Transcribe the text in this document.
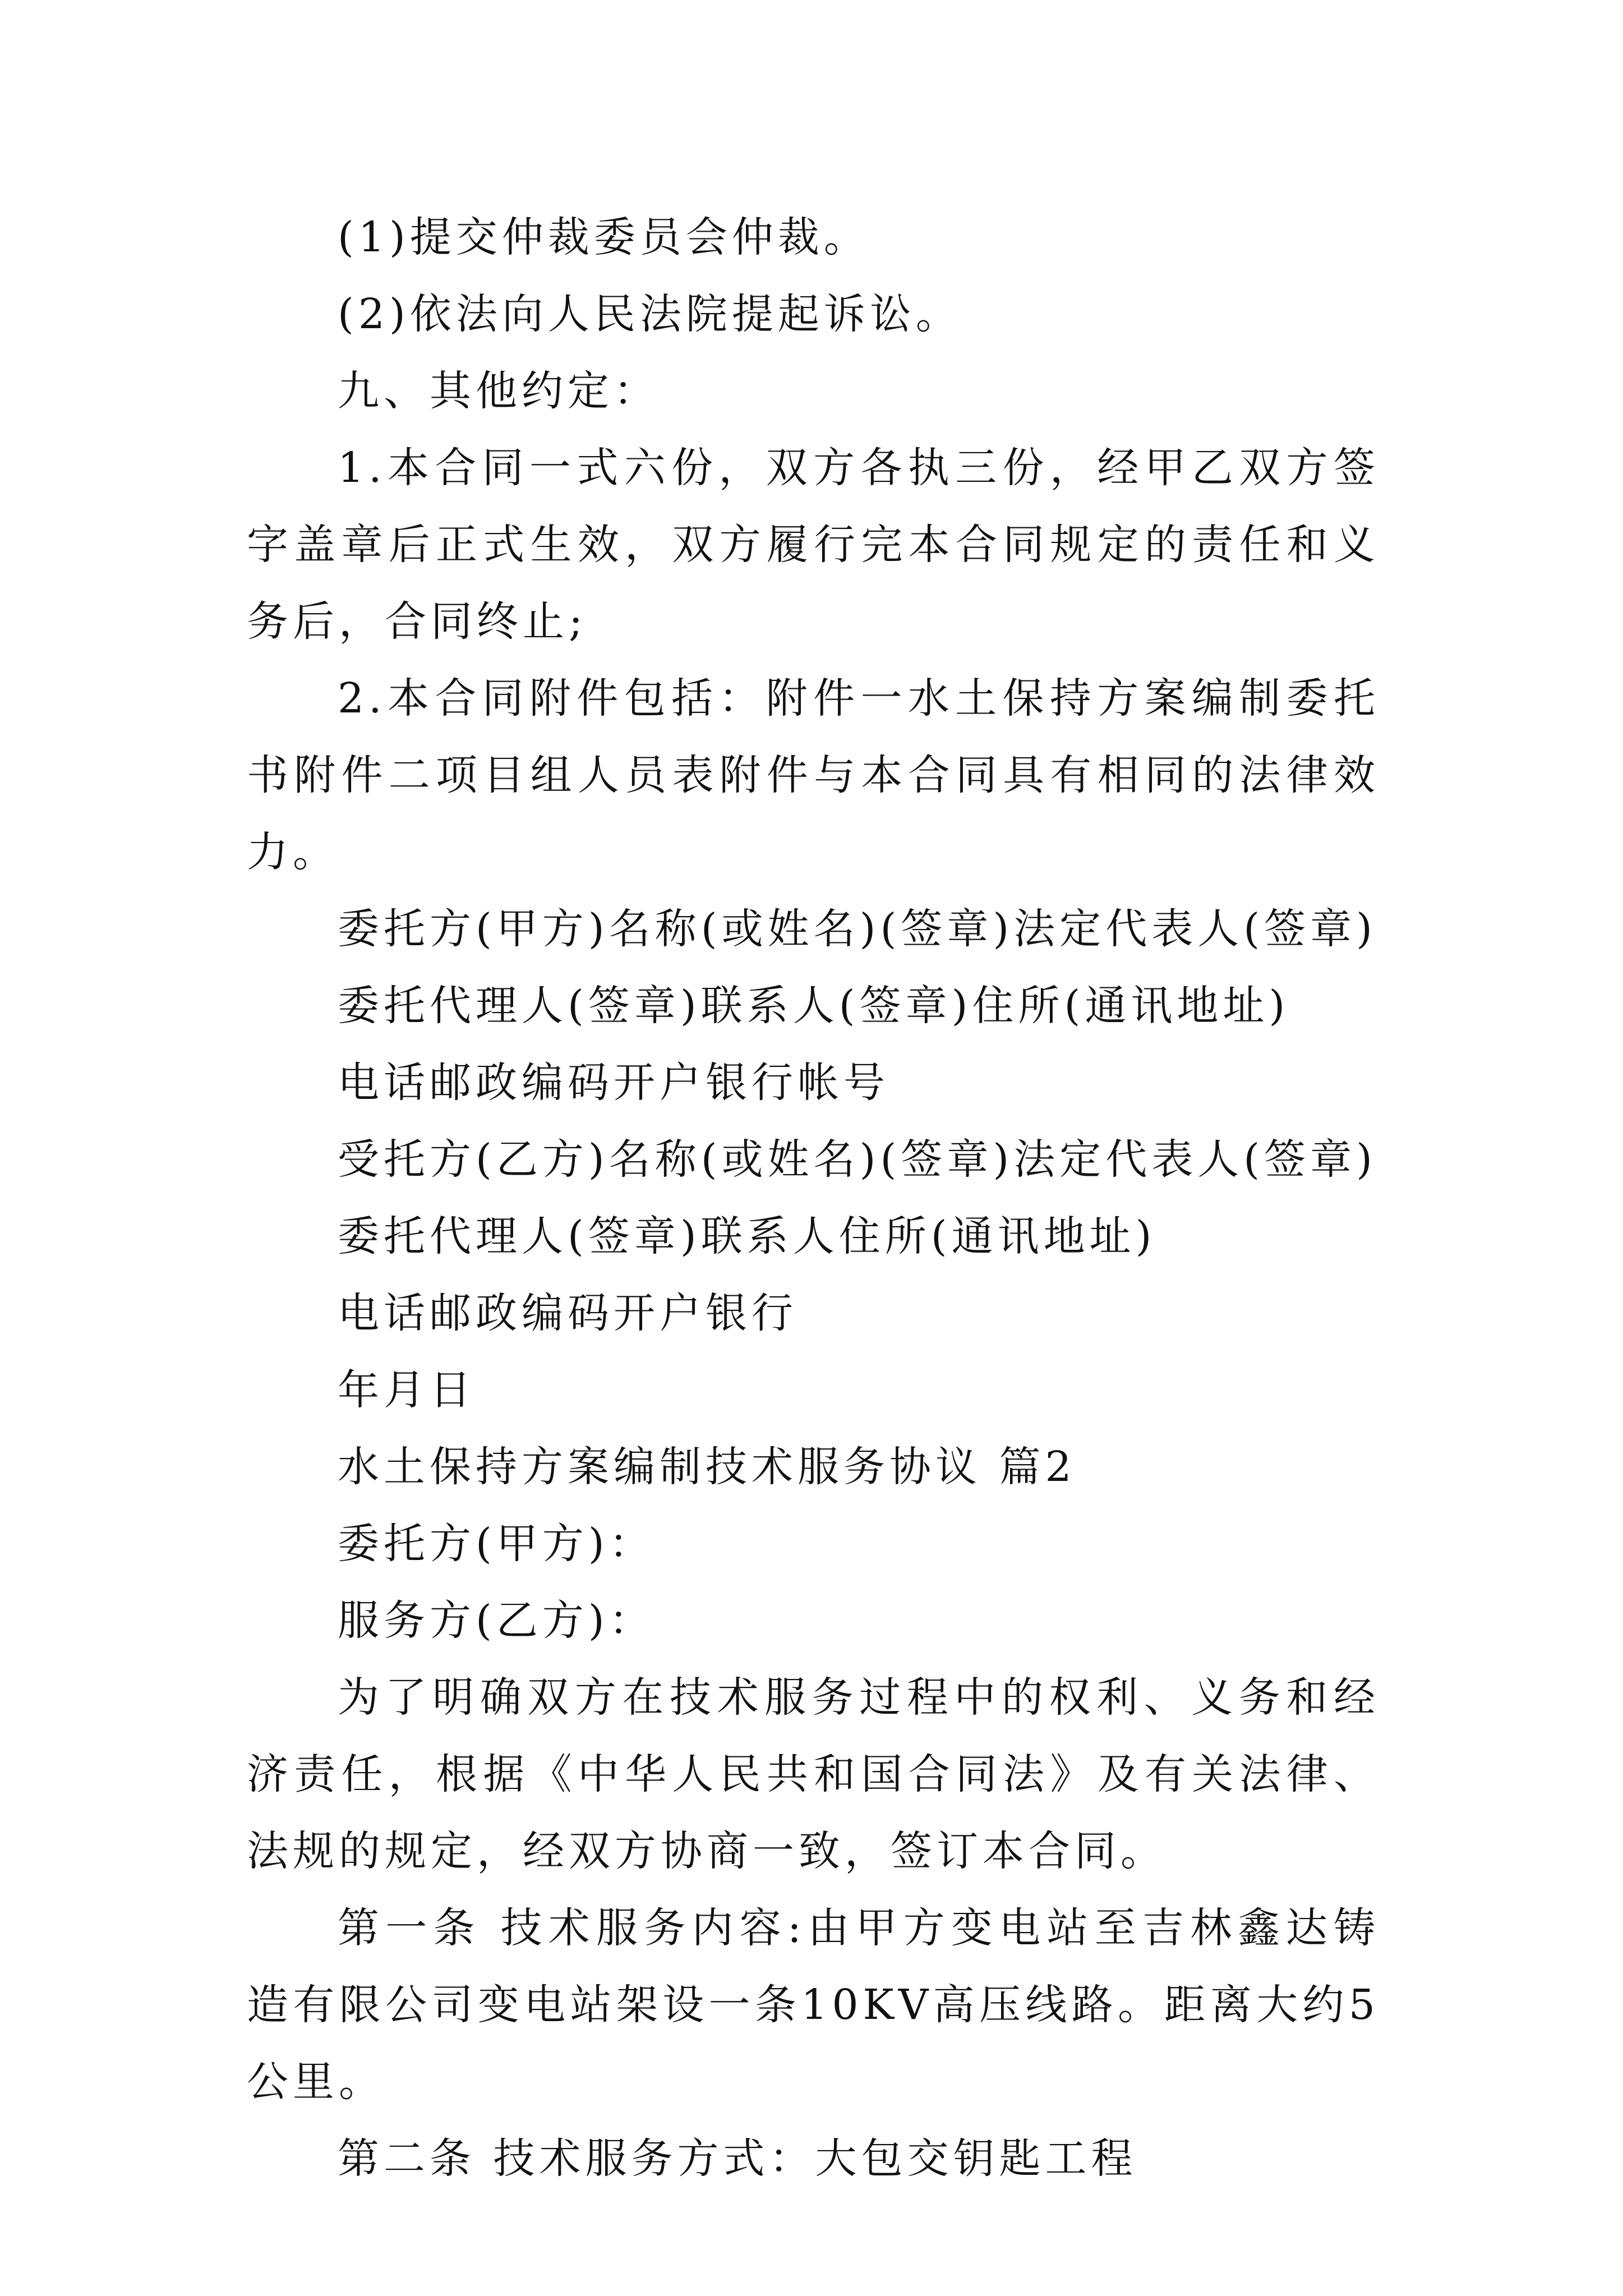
(1)提交仲裁委员会仲裁。

(2)依法向人民法院提起诉讼。

九、其他约定：

1.本合同一式六份，双方各执三份，经甲乙双方签字盖章后正式生效，双方履行完本合同规定的责任和义务后，合同终止;

2.本合同附件包括：附件一水土保持方案编制委托书附件二项目组人员表附件与本合同具有相同的法律效力。

委托方(甲方)名称(或姓名)(签章)法定代表人(签章)

委托代理人(签章)联系人(签章)住所(通讯地址)

电话邮政编码开户银行帐号

受托方(乙方)名称(或姓名)(签章)法定代表人(签章)

委托代理人(签章)联系人住所(通讯地址)

电话邮政编码开户银行

年月日

水土保持方案编制技术服务协议 篇2

委托方(甲方)：

服务方(乙方)：

为了明确双方在技术服务过程中的权利、义务和经济责任，根据《中华人民共和国合同法》及有关法律、法规的规定，经双方协商一致，签订本合同。

第一条 技术服务内容:由甲方变电站至吉林鑫达铸造有限公司变电站架设一条10KV高压线路。距离大约5公里。

第二条 技术服务方式：大包交钥匙工程
